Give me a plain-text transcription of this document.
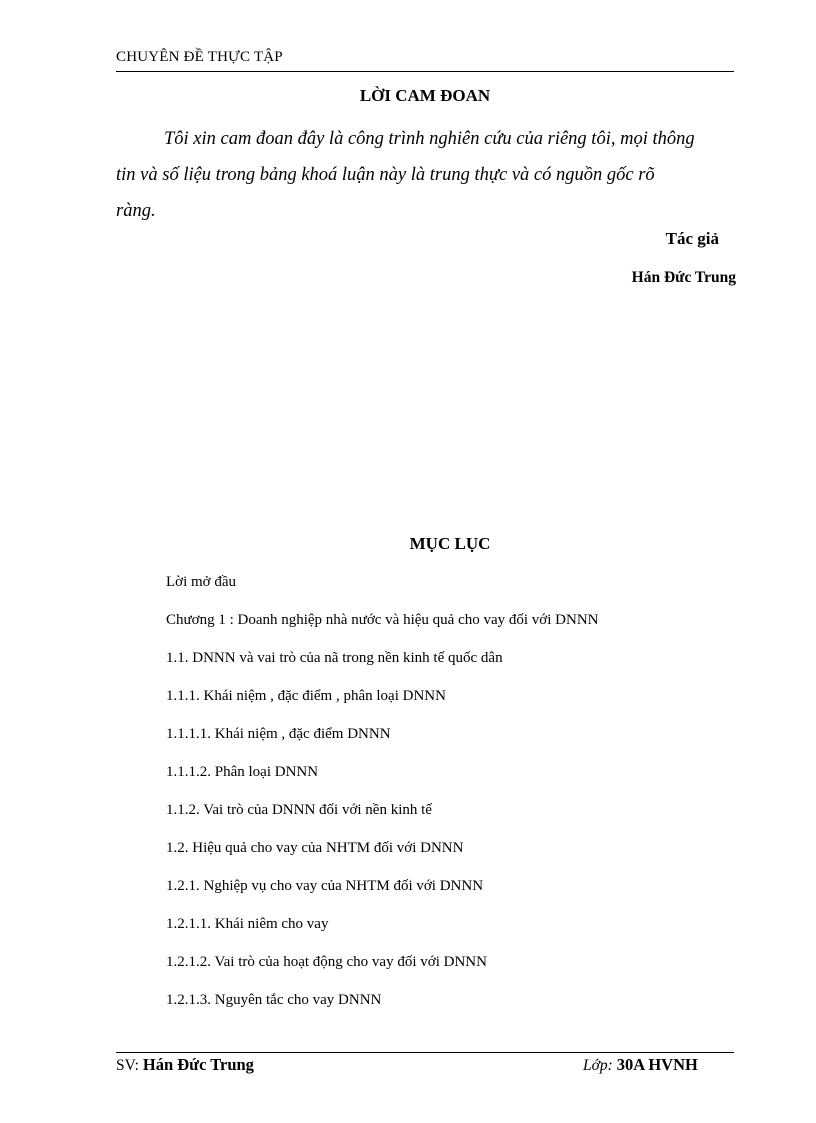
CHUYÊN ĐỀ THỰC TẬP
LỜI CAM ĐOAN

Tôi xin cam đoan đây là công trình nghiên cứu của riêng tôi, mọi thông tin và số liệu trong bảng khoá luận này là trung thực và có nguồn gốc rõ ràng.

Tác giả
Hán Đức Trung
MỤC LỤC
Lời mở đầu
Chương 1 : Doanh nghiệp nhà nước và hiệu quả cho vay đối với DNNN
1.1. DNNN và vai trò của nã trong nền kinh tế quốc dân
1.1.1. Khái niệm , đặc điểm , phân loại DNNN
1.1.1.1. Khái niệm , đặc điểm DNNN
1.1.1.2. Phân loại DNNN
1.1.2. Vai trò của DNNN đối với nền kinh tế
1.2. Hiệu quả cho vay của NHTM đối với DNNN
1.2.1. Nghiệp vụ cho vay của NHTM đối với DNNN
1.2.1.1. Khái niêm cho vay
1.2.1.2. Vai trò của hoạt động cho vay đối với DNNN
1.2.1.3. Nguyên tắc cho vay DNNN
SV: Hán Đức Trung	Lớp: 30A HVNH
